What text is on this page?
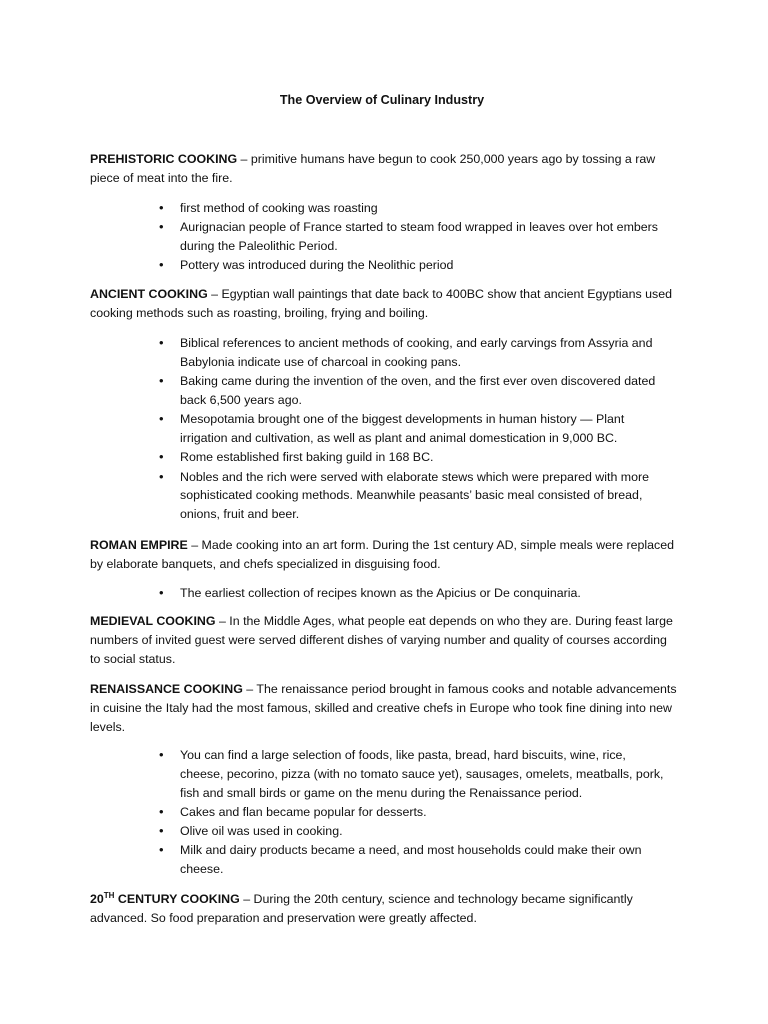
The Overview of Culinary Industry

PREHISTORIC COOKING – primitive humans have begun to cook 250,000 years ago by tossing a raw piece of meat into the fire.

• first method of cooking was roasting
• Aurignacian people of France started to steam food wrapped in leaves over hot embers during the Paleolithic Period.
• Pottery was introduced during the Neolithic period

ANCIENT COOKING – Egyptian wall paintings that date back to 400BC show that ancient Egyptians used cooking methods such as roasting, broiling, frying and boiling.

• Biblical references to ancient methods of cooking, and early carvings from Assyria and Babylonia indicate use of charcoal in cooking pans.
• Baking came during the invention of the oven, and the first ever oven discovered dated back 6,500 years ago.
• Mesopotamia brought one of the biggest developments in human history — Plant irrigation and cultivation, as well as plant and animal domestication in 9,000 BC.
• Rome established first baking guild in 168 BC.
• Nobles and the rich were served with elaborate stews which were prepared with more sophisticated cooking methods. Meanwhile peasants’ basic meal consisted of bread, onions, fruit and beer.

ROMAN EMPIRE – Made cooking into an art form. During the 1st century AD, simple meals were replaced by elaborate banquets, and chefs specialized in disguising food.

• The earliest collection of recipes known as the Apicius or De conquinaria.

MEDIEVAL COOKING – In the Middle Ages, what people eat depends on who they are. During feast large numbers of invited guest were served different dishes of varying number and quality of courses according to social status.

RENAISSANCE COOKING – The renaissance period brought in famous cooks and notable advancements in cuisine the Italy had the most famous, skilled and creative chefs in Europe who took fine dining into new levels.

• You can find a large selection of foods, like pasta, bread, hard biscuits, wine, rice, cheese, pecorino, pizza (with no tomato sauce yet), sausages, omelets, meatballs, pork, fish and small birds or game on the menu during the Renaissance period.
• Cakes and flan became popular for desserts.
• Olive oil was used in cooking.
• Milk and dairy products became a need, and most households could make their own cheese.

20TH CENTURY COOKING – During the 20th century, science and technology became significantly advanced. So food preparation and preservation were greatly affected.
